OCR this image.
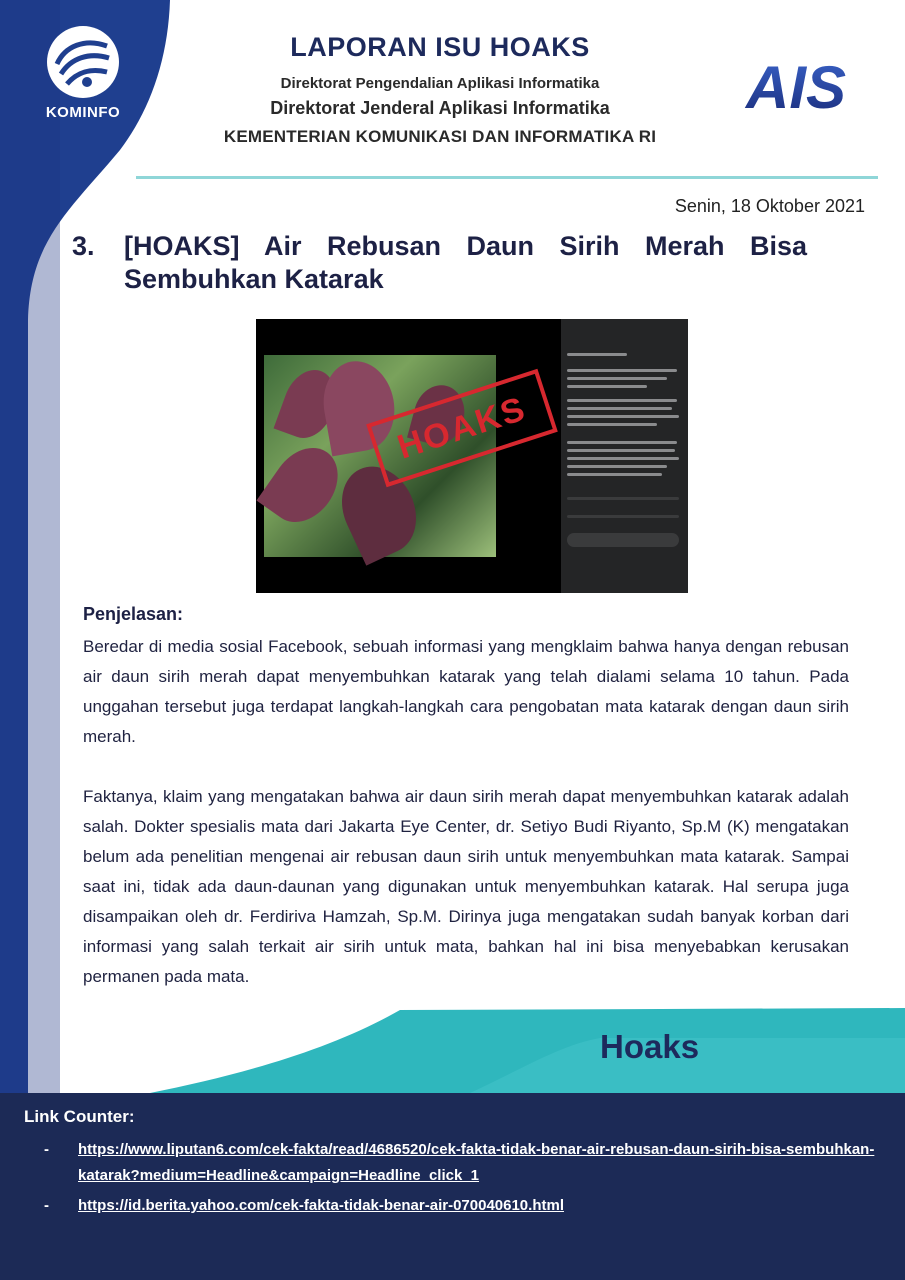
KOMINFO	AIS
LAPORAN ISU HOAKS
Direktorat Pengendalian Aplikasi Informatika
Direktorat Jenderal Aplikasi Informatika
KEMENTERIAN KOMUNIKASI DAN INFORMATIKA RI
Senin, 18 Oktober 2021
3. [HOAKS] Air Rebusan Daun Sirih Merah Bisa Sembuhkan Katarak
HOAKS
Penjelasan:

Beredar di media sosial Facebook, sebuah informasi yang mengklaim bahwa hanya dengan rebusan air daun sirih merah dapat menyembuhkan katarak yang telah dialami selama 10 tahun. Pada unggahan tersebut juga terdapat langkah-langkah cara pengobatan mata katarak dengan daun sirih merah.

Faktanya, klaim yang mengatakan bahwa air daun sirih merah dapat menyembuhkan katarak adalah salah. Dokter spesialis mata dari Jakarta Eye Center, dr. Setiyo Budi Riyanto, Sp.M (K) mengatakan belum ada penelitian mengenai air rebusan daun sirih untuk menyembuhkan mata katarak. Sampai saat ini, tidak ada daun-daunan yang digunakan untuk menyembuhkan katarak. Hal serupa juga disampaikan oleh dr. Ferdiriva Hamzah, Sp.M. Dirinya juga mengatakan sudah banyak korban dari informasi yang salah terkait air sirih untuk mata, bahkan hal ini bisa menyebabkan kerusakan permanen pada mata.

Hoaks
Link Counter:
- https://www.liputan6.com/cek-fakta/read/4686520/cek-fakta-tidak-benar-air-rebusan-daun-sirih-bisa-sembuhkan-katarak?medium=Headline&campaign=Headline_click_1
- https://id.berita.yahoo.com/cek-fakta-tidak-benar-air-070040610.html
